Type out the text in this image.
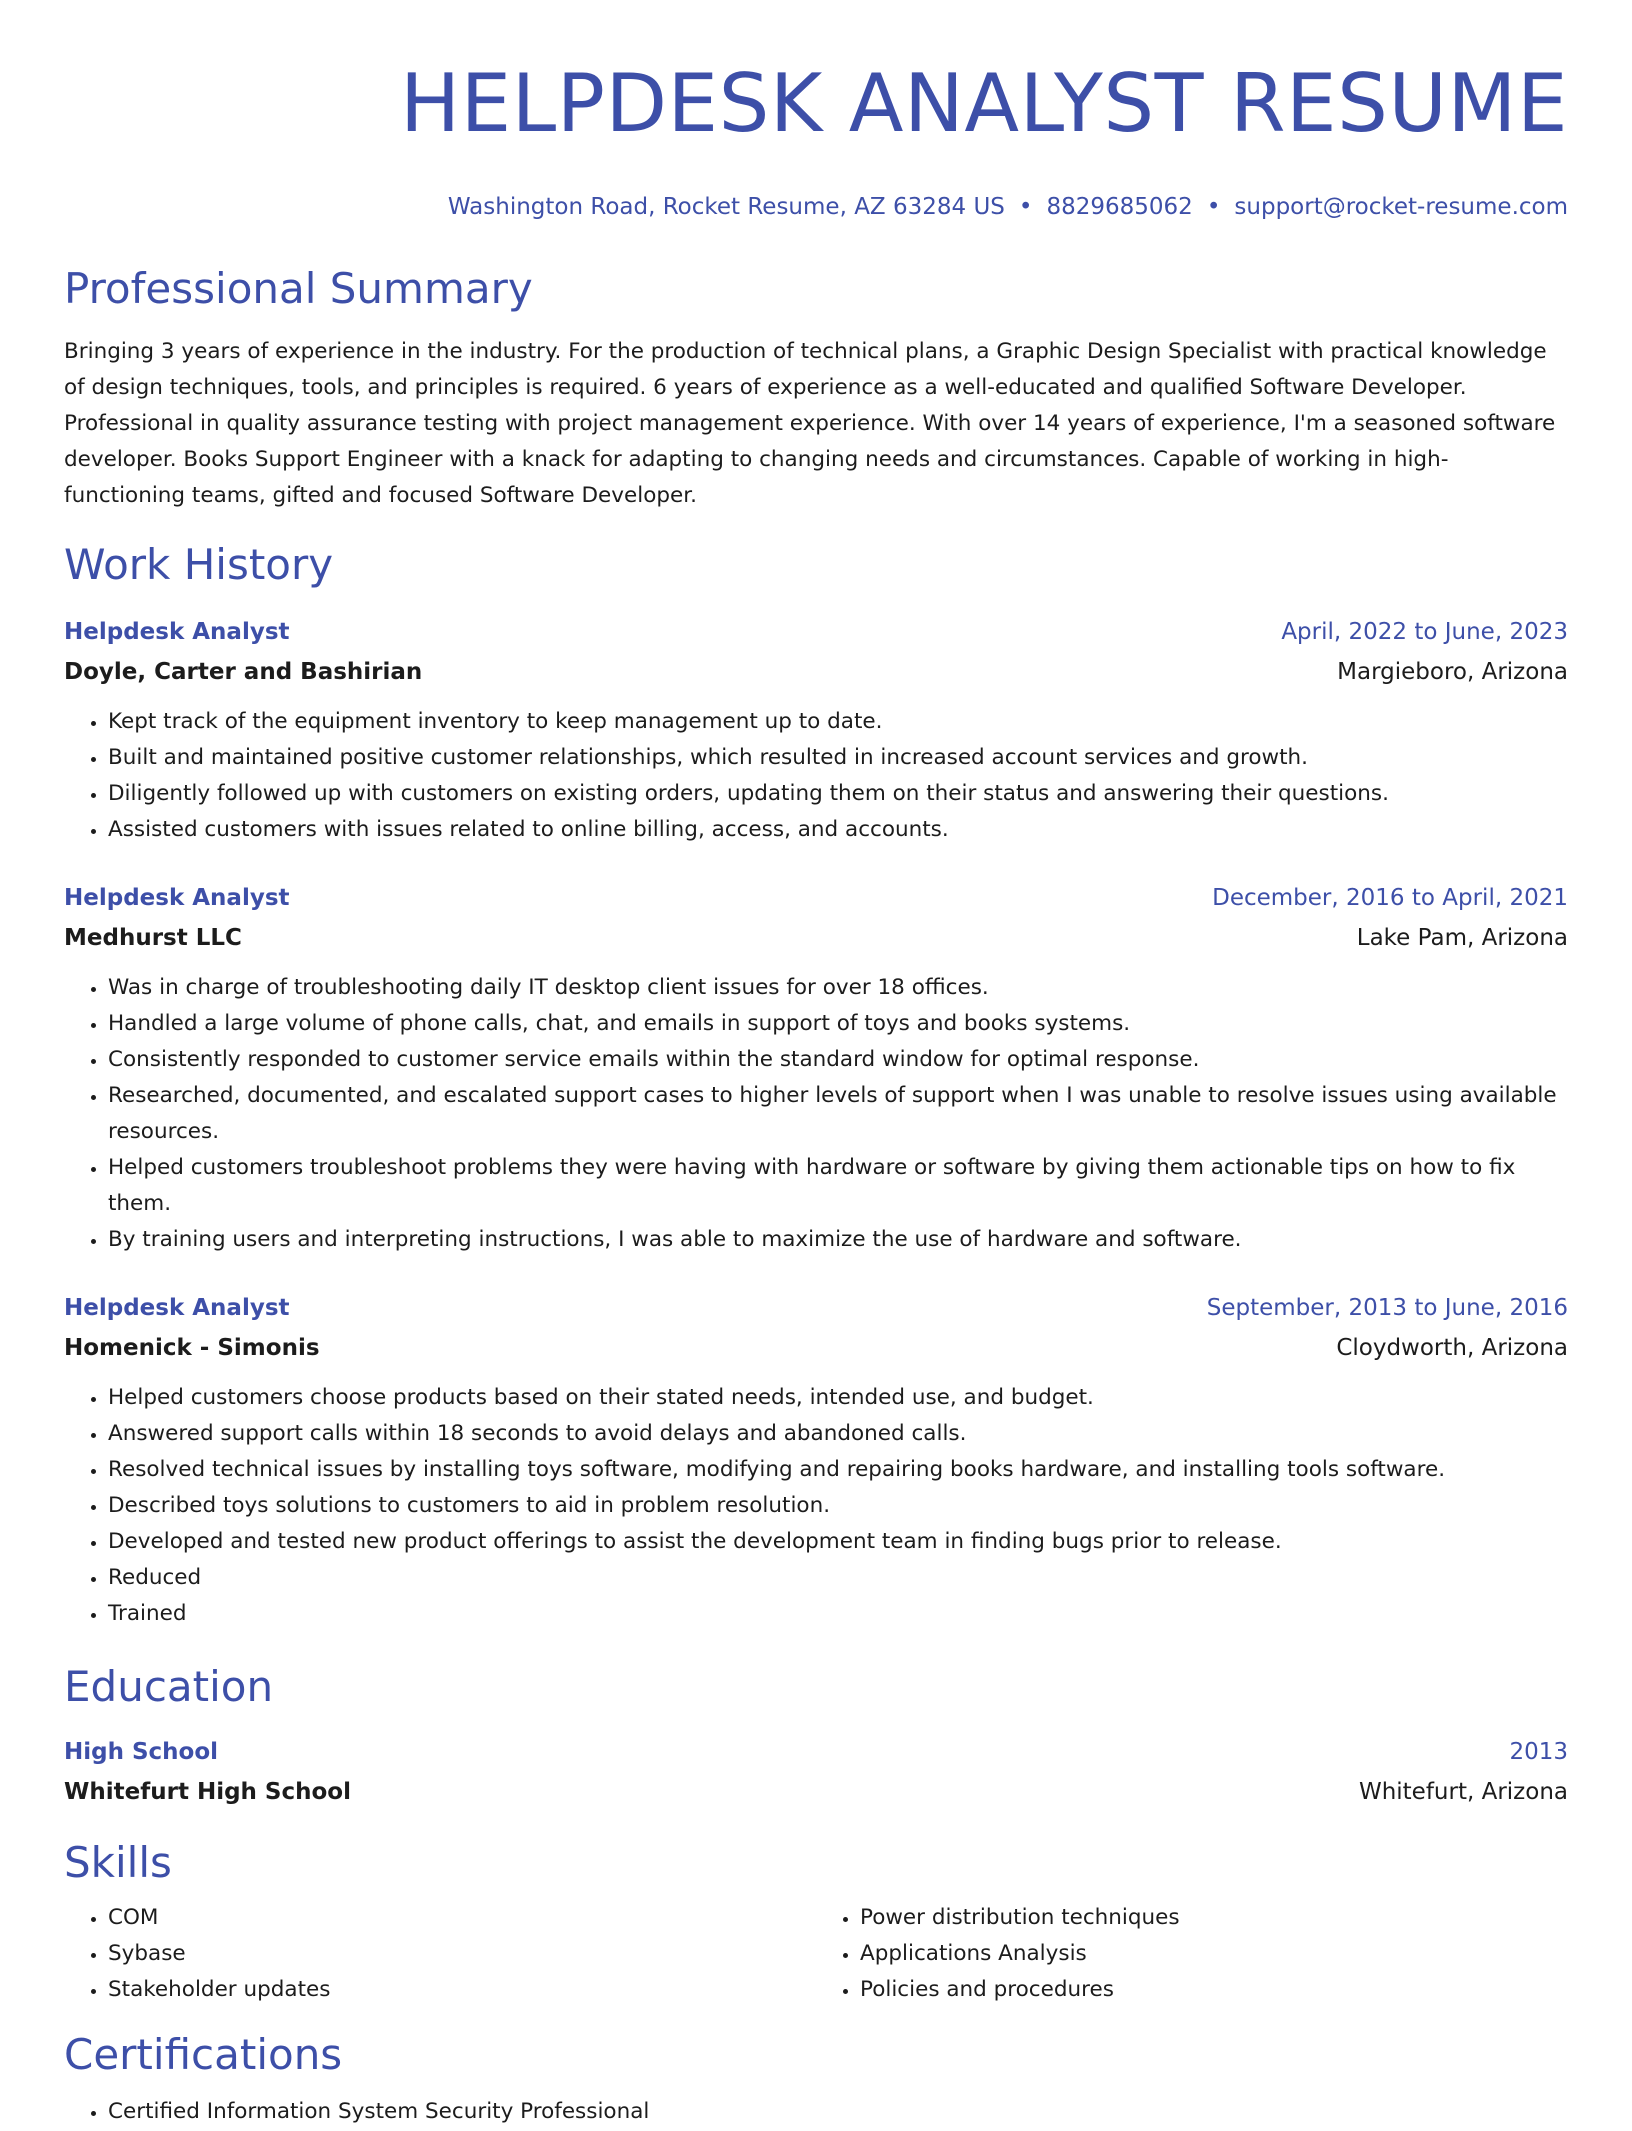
HELPDESK ANALYST RESUME
Washington Road, Rocket Resume, AZ 63284 US • 8829685062 • support@rocket-resume.com
Professional Summary
Bringing 3 years of experience in the industry. For the production of technical plans, a Graphic Design Specialist with practical knowledge of design techniques, tools, and principles is required. 6 years of experience as a well-educated and qualified Software Developer. Professional in quality assurance testing with project management experience. With over 14 years of experience, I'm a seasoned software developer. Books Support Engineer with a knack for adapting to changing needs and circumstances. Capable of working in high-functioning teams, gifted and focused Software Developer.
Work History
Helpdesk Analyst	April, 2022 to June, 2023
Doyle, Carter and Bashirian	Margieboro, Arizona
• Kept track of the equipment inventory to keep management up to date.
• Built and maintained positive customer relationships, which resulted in increased account services and growth.
• Diligently followed up with customers on existing orders, updating them on their status and answering their questions.
• Assisted customers with issues related to online billing, access, and accounts.
Helpdesk Analyst	December, 2016 to April, 2021
Medhurst LLC	Lake Pam, Arizona
• Was in charge of troubleshooting daily IT desktop client issues for over 18 offices.
• Handled a large volume of phone calls, chat, and emails in support of toys and books systems.
• Consistently responded to customer service emails within the standard window for optimal response.
• Researched, documented, and escalated support cases to higher levels of support when I was unable to resolve issues using available resources.
• Helped customers troubleshoot problems they were having with hardware or software by giving them actionable tips on how to fix them.
• By training users and interpreting instructions, I was able to maximize the use of hardware and software.
Helpdesk Analyst	September, 2013 to June, 2016
Homenick - Simonis	Cloydworth, Arizona
• Helped customers choose products based on their stated needs, intended use, and budget.
• Answered support calls within 18 seconds to avoid delays and abandoned calls.
• Resolved technical issues by installing toys software, modifying and repairing books hardware, and installing tools software.
• Described toys solutions to customers to aid in problem resolution.
• Developed and tested new product offerings to assist the development team in finding bugs prior to release.
• Reduced
• Trained
Education
High School	2013
Whitefurt High School	Whitefurt, Arizona
Skills
• COM
• Sybase
• Stakeholder updates
• Power distribution techniques
• Applications Analysis
• Policies and procedures
Certifications
• Certified Information System Security Professional
